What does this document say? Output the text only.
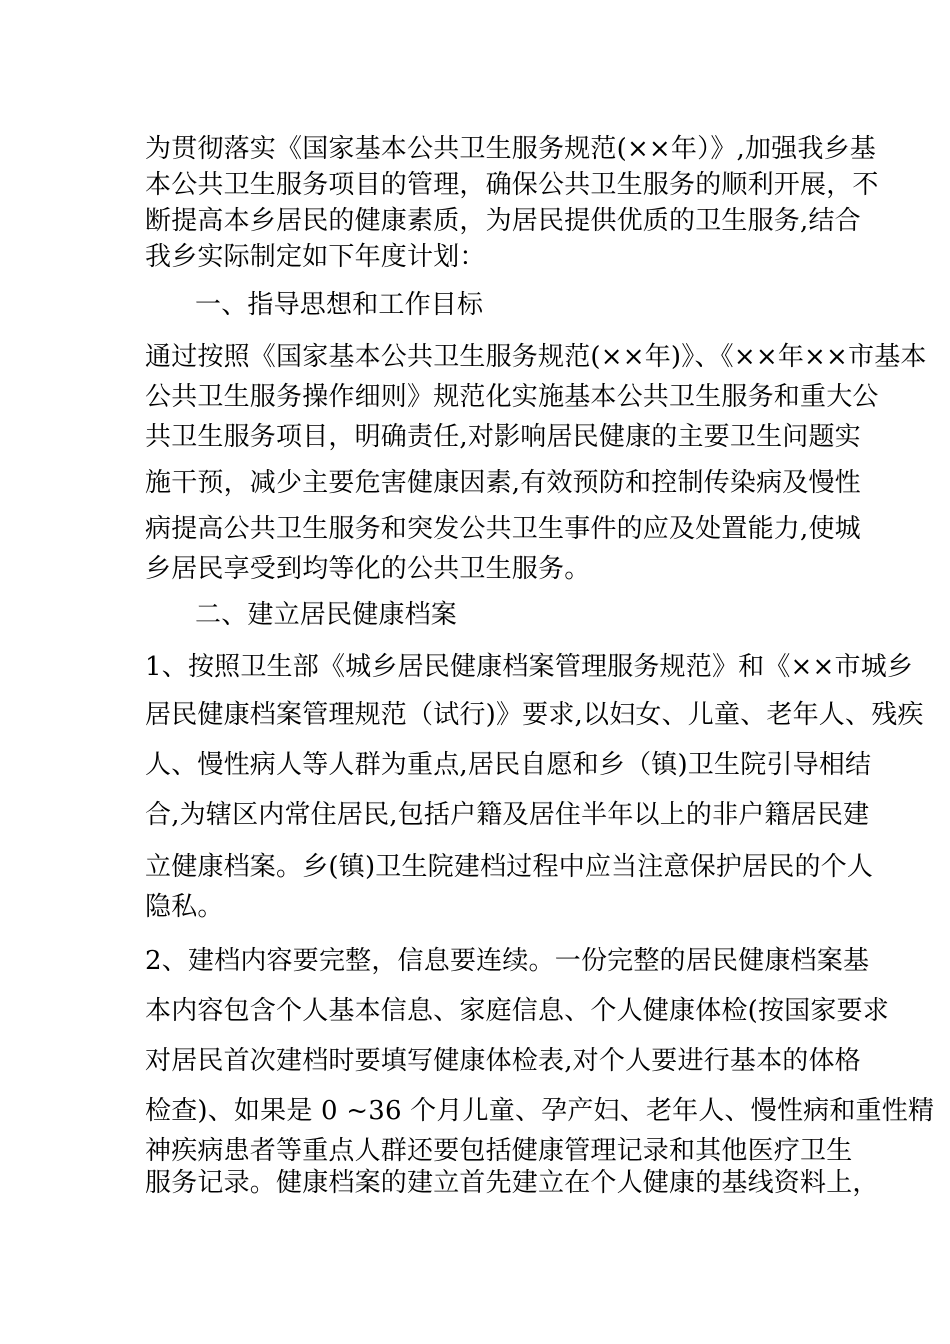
为贯彻落实《国家基本公共卫生服务规范(××年）》,加强我乡基
本公共卫生服务项目的管理，确保公共卫生服务的顺利开展，不
断提高本乡居民的健康素质，为居民提供优质的卫生服务,结合
我乡实际制定如下年度计划：
一、指导思想和工作目标
通过按照《国家基本公共卫生服务规范(××年)》、《××年××市基本
公共卫生服务操作细则》规范化实施基本公共卫生服务和重大公
共卫生服务项目，明确责任,对影响居民健康的主要卫生问题实
施干预，减少主要危害健康因素,有效预防和控制传染病及慢性
病提高公共卫生服务和突发公共卫生事件的应及处置能力,使城
乡居民享受到均等化的公共卫生服务。
二、建立居民健康档案
1、按照卫生部《城乡居民健康档案管理服务规范》和《××市城乡
居民健康档案管理规范（试行)》要求,以妇女、儿童、老年人、残疾
人、慢性病人等人群为重点,居民自愿和乡（镇)卫生院引导相结
合,为辖区内常住居民,包括户籍及居住半年以上的非户籍居民建
立健康档案。乡(镇)卫生院建档过程中应当注意保护居民的个人
隐私。
2、建档内容要完整，信息要连续。一份完整的居民健康档案基
本内容包含个人基本信息、家庭信息、个人健康体检(按国家要求
对居民首次建档时要填写健康体检表,对个人要进行基本的体格
检查)、如果是 0 ~36 个月儿童、孕产妇、老年人、慢性病和重性精
神疾病患者等重点人群还要包括健康管理记录和其他医疗卫生
服务记录。健康档案的建立首先建立在个人健康的基线资料上，
